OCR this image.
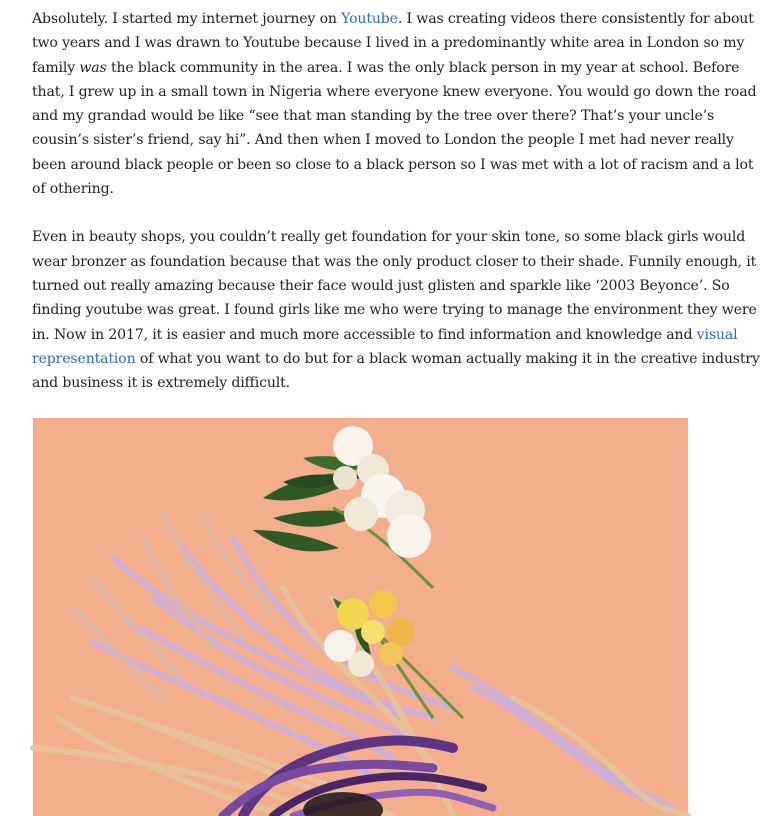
Absolutely. I started my internet journey on Youtube. I was creating videos there consistently for about
two years and I was drawn to Youtube because I lived in a predominantly white area in London so my
family was the black community in the area. I was the only black person in my year at school. Before
that, I grew up in a small town in Nigeria where everyone knew everyone. You would go down the road
and my grandad would be like “see that man standing by the tree over there? That’s your uncle’s
cousin’s sister’s friend, say hi”. And then when I moved to London the people I met had never really
been around black people or been so close to a black person so I was met with a lot of racism and a lot
of othering.

Even in beauty shops, you couldn’t really get foundation for your skin tone, so some black girls would
wear bronzer as foundation because that was the only product closer to their shade. Funnily enough, it
turned out really amazing because their face would just glisten and sparkle like ‘2003 Beyonce’. So
finding youtube was great. I found girls like me who were trying to manage the environment they were
in. Now in 2017, it is easier and much more accessible to find information and knowledge and visual
representation of what you want to do but for a black woman actually making it in the creative industry
and business it is extremely difficult.
